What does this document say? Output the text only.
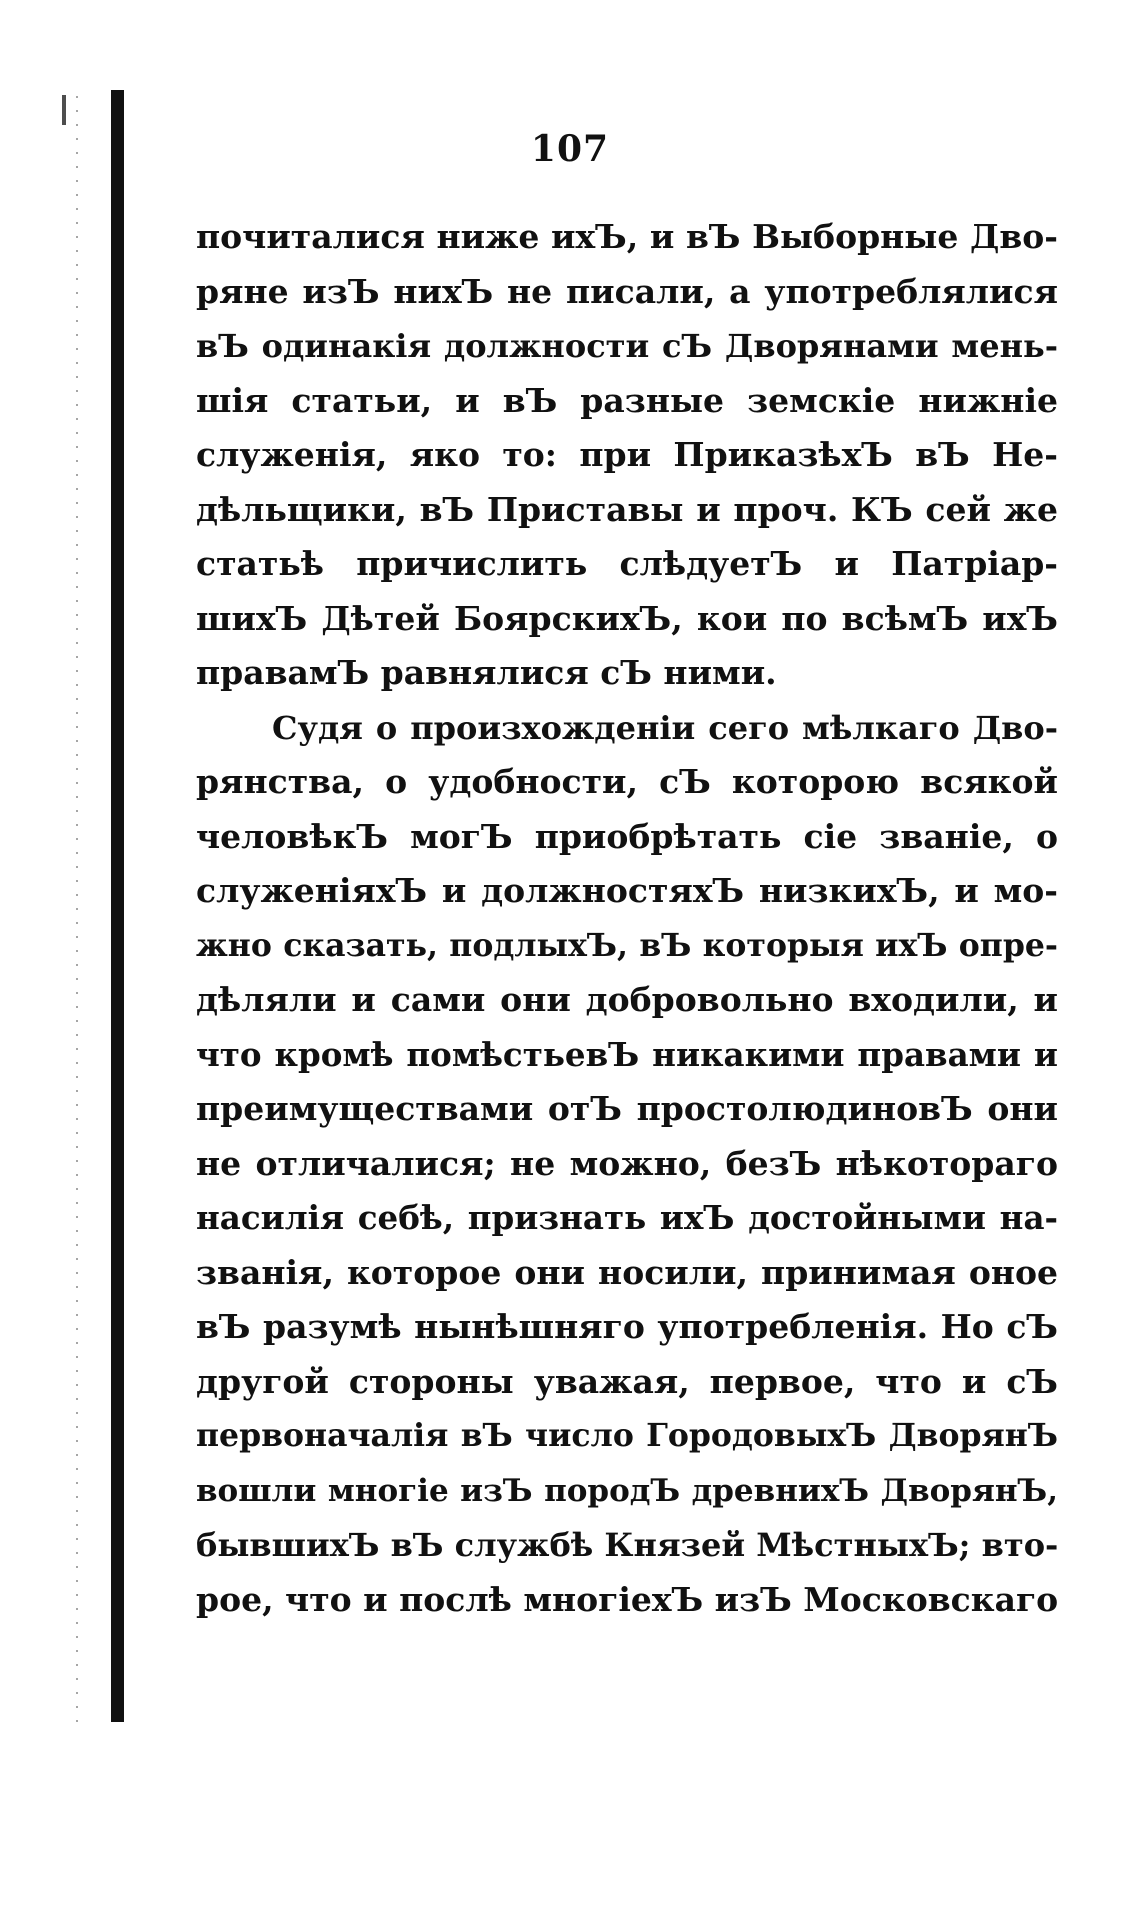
107
почиталися ниже ихЪ, и вЪ Выборные Дво-
ряне изЪ нихЪ не писали, а употреблялися
вЪ одинакія должности сЪ Дворянами мень-
шія статьи, и вЪ разные земскіе нижніе
служенія, яко то: при ПриказѣхЪ вЪ Не-
дѣльщики, вЪ Приставы и проч. КЪ сей же
статьѣ причислить слѣдуетЪ и Патріар-
шихЪ Дѣтей БоярскихЪ, кои по всѣмЪ ихЪ
правамЪ равнялися сЪ ними.
Судя о произхожденіи сего мѣлкаго Дво-
рянства, о удобности, сЪ которою всякой
человѣкЪ могЪ приобрѣтать сіе званіе, о
служеніяхЪ и должностяхЪ низкихЪ, и мо-
жно сказать, подлыхЪ, вЪ которыя ихЪ опре-
дѣляли и сами они добровольно входили, и
что кромѣ помѣстьевЪ никакими правами и
преимуществами отЪ простолюдиновЪ они
не отличалися; не можно, безЪ нѣкотораго
насилія себѣ, признать ихЪ достойными на-
званія, которое они носили, принимая оное
вЪ разумѣ нынѣшняго употребленія. Но сЪ
другой стороны уважая, первое, что и сЪ
первоначалія вЪ число ГородовыхЪ ДворянЪ
вошли многіе изЪ породЪ древнихЪ ДворянЪ,
бывшихЪ вЪ службѣ Князей МѣстныхЪ; вто-
рое, что и послѣ многіехЪ изЪ Московскаго
